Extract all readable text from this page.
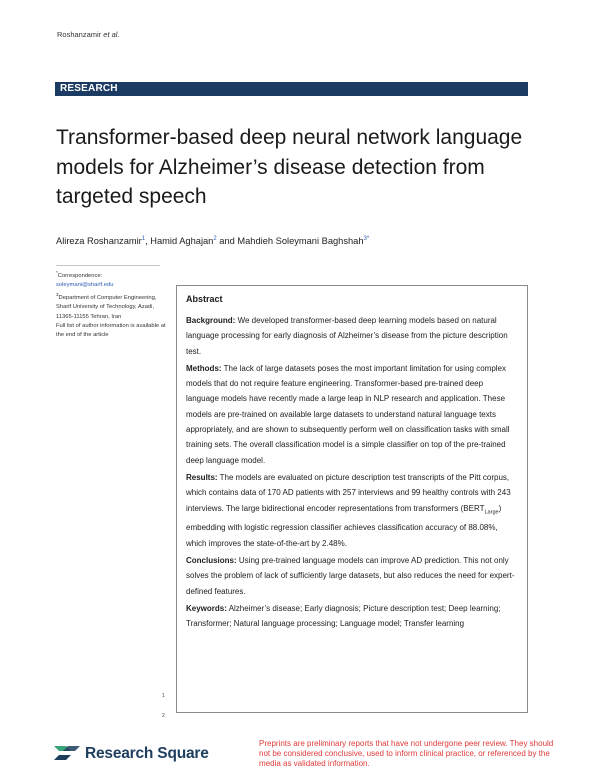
Roshanzamir et al.
RESEARCH
Transformer-based deep neural network language models for Alzheimer’s disease detection from targeted speech
Alireza Roshanzamir$^1$, Hamid Aghajan$^2$ and Mahdieh Soleymani Baghshah$^{3*}$
*Correspondence:
soleymani@sharif.edu
$^3$Department of Computer Engineering, Sharif University of Technology, Azadi, 11365-11155 Tehran, Iran
Full list of author information is available at the end of the article
Abstract

Background: We developed transformer-based deep learning models based on natural language processing for early diagnosis of Alzheimer’s disease from the picture description test.

Methods: The lack of large datasets poses the most important limitation for using complex models that do not require feature engineering. Transformer-based pre-trained deep language models have recently made a large leap in NLP research and application. These models are pre-trained on available large datasets to understand natural language texts appropriately, and are shown to subsequently perform well on classification tasks with small training sets. The overall classification model is a simple classifier on top of the pre-trained deep language model.

Results: The models are evaluated on picture description test transcripts of the Pitt corpus, which contains data of 170 AD patients with 257 interviews and 99 healthy controls with 243 interviews. The large bidirectional encoder representations from transformers $(BERT_{Large})$ embedding with logistic regression classifier achieves classification accuracy of 88.08%, which improves the state-of-the-art by 2.48%.

Conclusions: Using pre-trained language models can improve AD prediction. This not only solves the problem of lack of sufficiently large datasets, but also reduces the need for expert-defined features.

Keywords: Alzheimer’s disease; Early diagnosis; Picture description test; Deep learning; Transformer; Natural language processing; Language model; Transfer learning

1
2
Research Square
Preprints are preliminary reports that have not undergone peer review. They should not be considered conclusive, used to inform clinical practice, or referenced by the media as validated information.
